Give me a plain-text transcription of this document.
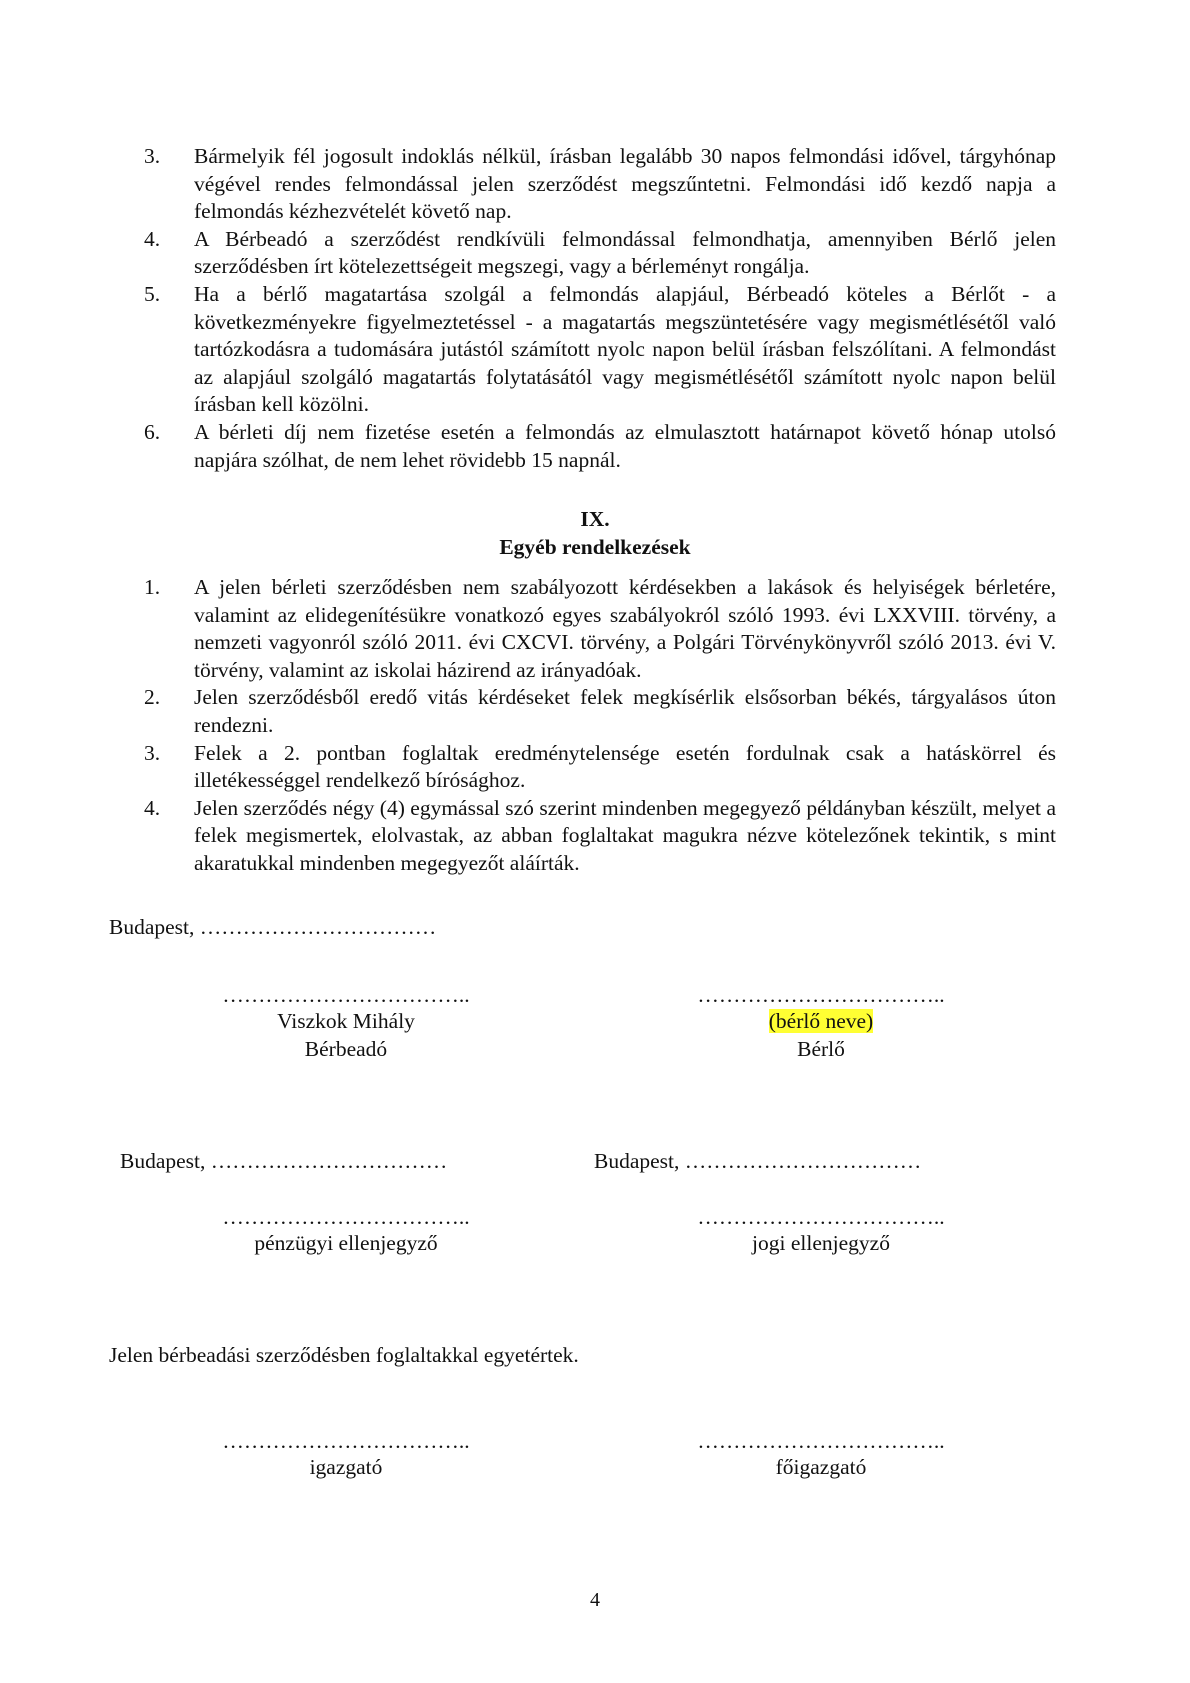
3.	Bármelyik fél jogosult indoklás nélkül, írásban legalább 30 napos felmondási idővel, tárgyhónap végével rendes felmondással jelen szerződést megszűntetni. Felmondási idő kezdő napja a felmondás kézhezvételét követő nap.
4.	A Bérbeadó a szerződést rendkívüli felmondással felmondhatja, amennyiben Bérlő jelen szerződésben írt kötelezettségeit megszegi, vagy a bérleményt rongálja.
5.	Ha a bérlő magatartása szolgál a felmondás alapjául, Bérbeadó köteles a Bérlőt - a következményekre figyelmeztetéssel - a magatartás megszüntetésére vagy megismétlésétől való tartózkodásra a tudomására jutástól számított nyolc napon belül írásban felszólítani. A felmondást az alapjául szolgáló magatartás folytatásától vagy megismétlésétől számított nyolc napon belül írásban kell közölni.
6.	A bérleti díj nem fizetése esetén a felmondás az elmulasztott határnapot követő hónap utolsó napjára szólhat, de nem lehet rövidebb 15 napnál.
IX.
Egyéb rendelkezések
1.	A jelen bérleti szerződésben nem szabályozott kérdésekben a lakások és helyiségek bérletére, valamint az elidegenítésükre vonatkozó egyes szabályokról szóló 1993. évi LXXVIII. törvény, a nemzeti vagyonról szóló 2011. évi CXCVI. törvény, a Polgári Törvénykönyvről szóló 2013. évi V. törvény, valamint az iskolai házirend az irányadóak.
2.	Jelen szerződésből eredő vitás kérdéseket felek megkísérlik elsősorban békés, tárgyalásos úton rendezni.
3.	Felek a 2. pontban foglaltak eredménytelensége esetén fordulnak csak a hatáskörrel és illetékességgel rendelkező bírósághoz.
4.	Jelen szerződés négy (4) egymással szó szerint mindenben megegyező példányban készült, melyet a felek megismertek, elolvastak, az abban foglaltakat magukra nézve kötelezőnek tekintik, s mint akaratukkal mindenben megegyezőt aláírták.
Budapest, ……………………………
……………………………..
Viszkok Mihály
Bérbeadó
……………………………..
(bérlő neve)
Bérlő
Budapest, ……………………………	Budapest, ……………………………
……………………………..
pénzügyi ellenjegyző
……………………………..
jogi ellenjegyző
Jelen bérbeadási szerződésben foglaltakkal egyetértek.
……………………………..
igazgató
……………………………..
főigazgató
4
